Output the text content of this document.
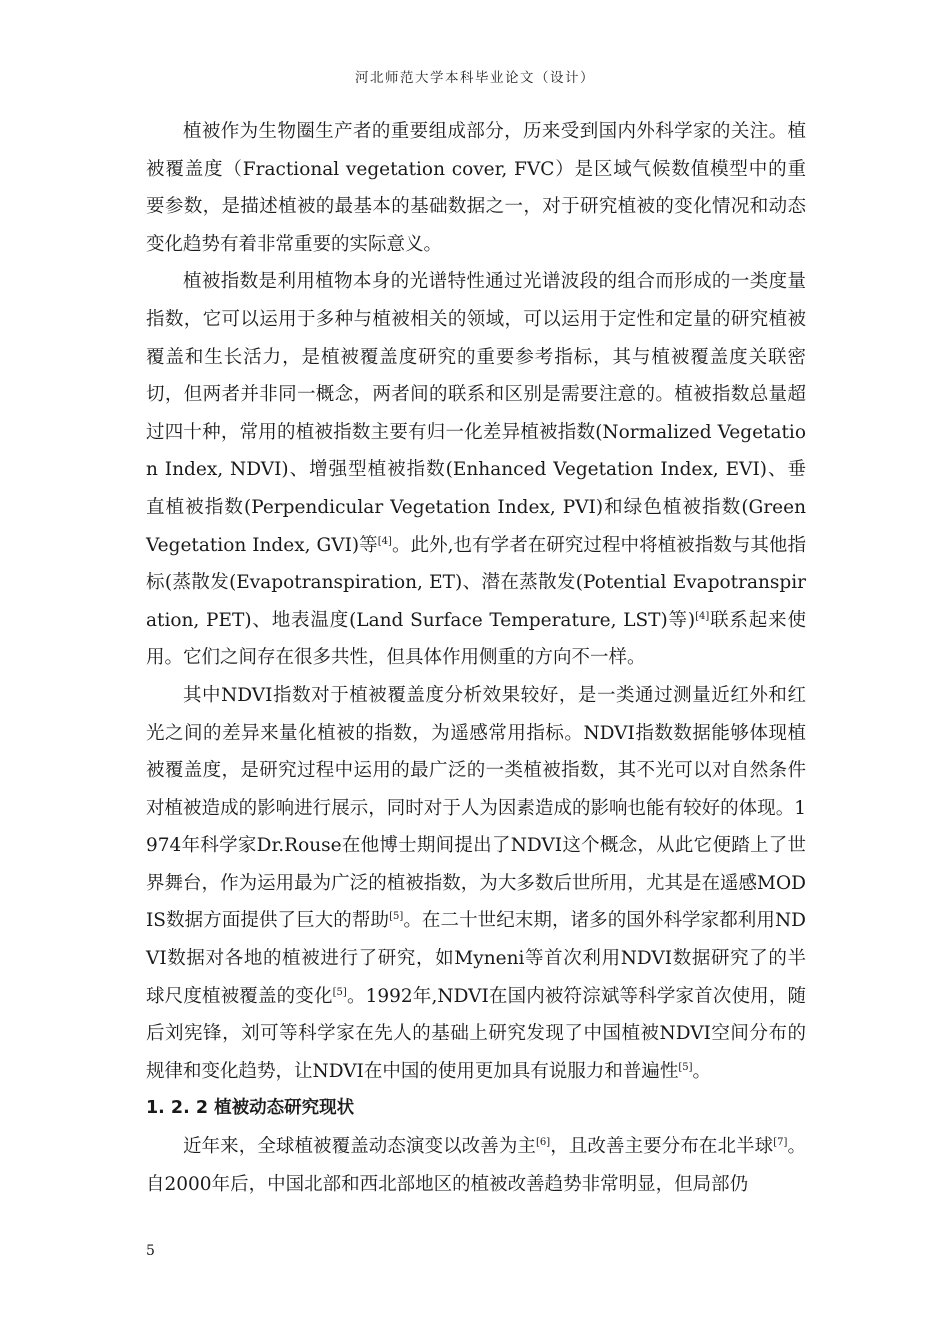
河北师范大学本科毕业论文（设计）

植被作为生物圈生产者的重要组成部分，历来受到国内外科学家的关注。植被覆盖度（Fractional vegetation cover, FVC）是区域气候数值模型中的重要参数，是描述植被的最基本的基础数据之一，对于研究植被的变化情况和动态变化趋势有着非常重要的实际意义。

植被指数是利用植物本身的光谱特性通过光谱波段的组合而形成的一类度量指数，它可以运用于多种与植被相关的领域，可以运用于定性和定量的研究植被覆盖和生长活力，是植被覆盖度研究的重要参考指标，其与植被覆盖度关联密切，但两者并非同一概念，两者间的联系和区别是需要注意的。植被指数总量超过四十种，常用的植被指数主要有归一化差异植被指数(Normalized Vegetation Index, NDVI)、增强型植被指数(Enhanced Vegetation Index, EVI)、垂直植被指数(Perpendicular Vegetation Index, PVI)和绿色植被指数(Green Vegetation Index, GVI)等[4]。此外,也有学者在研究过程中将植被指数与其他指标(蒸散发(Evapotranspiration, ET)、潜在蒸散发(Potential Evapotranspiration, PET)、地表温度(Land Surface Temperature, LST)等)[4]联系起来使用。它们之间存在很多共性，但具体作用侧重的方向不一样。

其中NDVI指数对于植被覆盖度分析效果较好，是一类通过测量近红外和红光之间的差异来量化植被的指数，为遥感常用指标。NDVI指数数据能够体现植被覆盖度，是研究过程中运用的最广泛的一类植被指数，其不光可以对自然条件对植被造成的影响进行展示，同时对于人为因素造成的影响也能有较好的体现。1974年科学家Dr.Rouse在他博士期间提出了NDVI这个概念，从此它便踏上了世界舞台，作为运用最为广泛的植被指数，为大多数后世所用，尤其是在遥感MODIS数据方面提供了巨大的帮助[5]。在二十世纪末期，诸多的国外科学家都利用NDVI数据对各地的植被进行了研究，如Myneni等首次利用NDVI数据研究了的半球尺度植被覆盖的变化[5]。1992年,NDVI在国内被符淙斌等科学家首次使用，随后刘宪锋，刘可等科学家在先人的基础上研究发现了中国植被NDVI空间分布的规律和变化趋势，让NDVI在中国的使用更加具有说服力和普遍性[5]。

1. 2. 2 植被动态研究现状

近年来，全球植被覆盖动态演变以改善为主[6]，且改善主要分布在北半球[7]。自2000年后，中国北部和西北部地区的植被改善趋势非常明显，但局部仍

5
